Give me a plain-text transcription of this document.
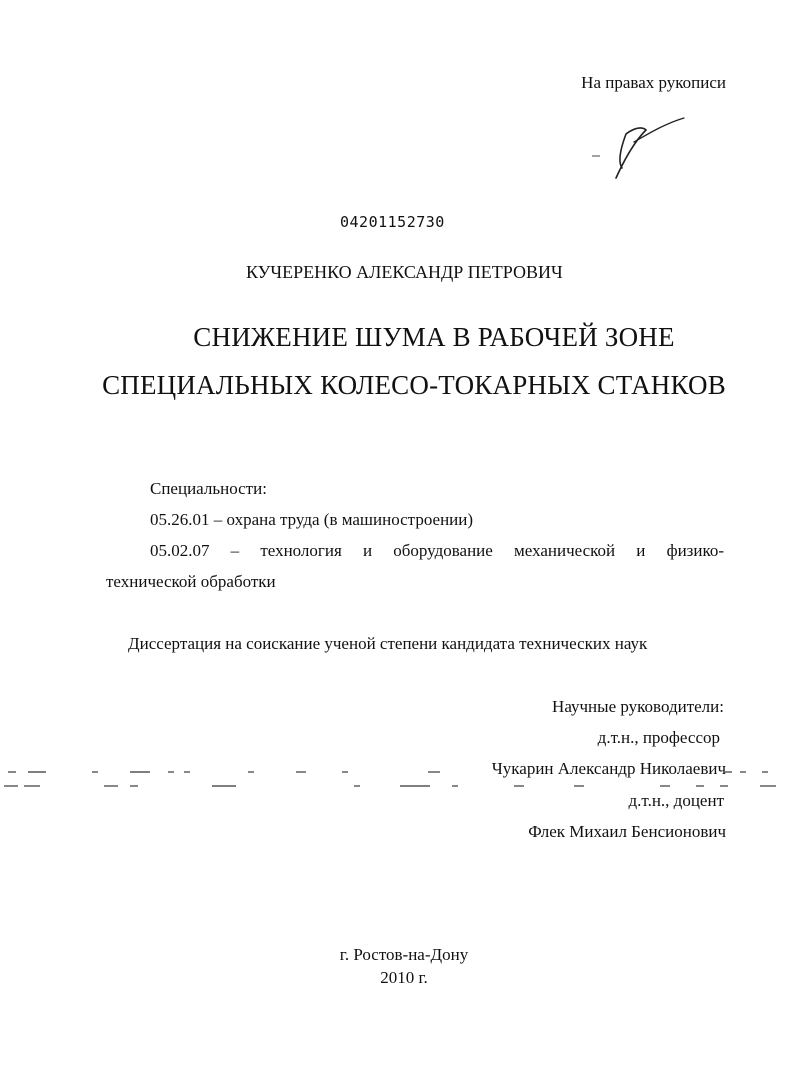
На правах рукописи
04201152730
КУЧЕРЕНКО АЛЕКСАНДР ПЕТРОВИЧ
СНИЖЕНИЕ ШУМА В РАБОЧЕЙ ЗОНЕ
СПЕЦИАЛЬНЫХ КОЛЕСО-ТОКАРНЫХ СТАНКОВ
Специальности:
05.26.01 – охрана труда (в машиностроении)
05.02.07 – технология и оборудование механической и физико-
технической обработки
Диссертация на соискание ученой степени кандидата технических наук
Научные руководители:
д.т.н., профессор
Чукарин Александр Николаевич
д.т.н., доцент
Флек Михаил Бенсионович
г. Ростов-на-Дону
2010 г.
